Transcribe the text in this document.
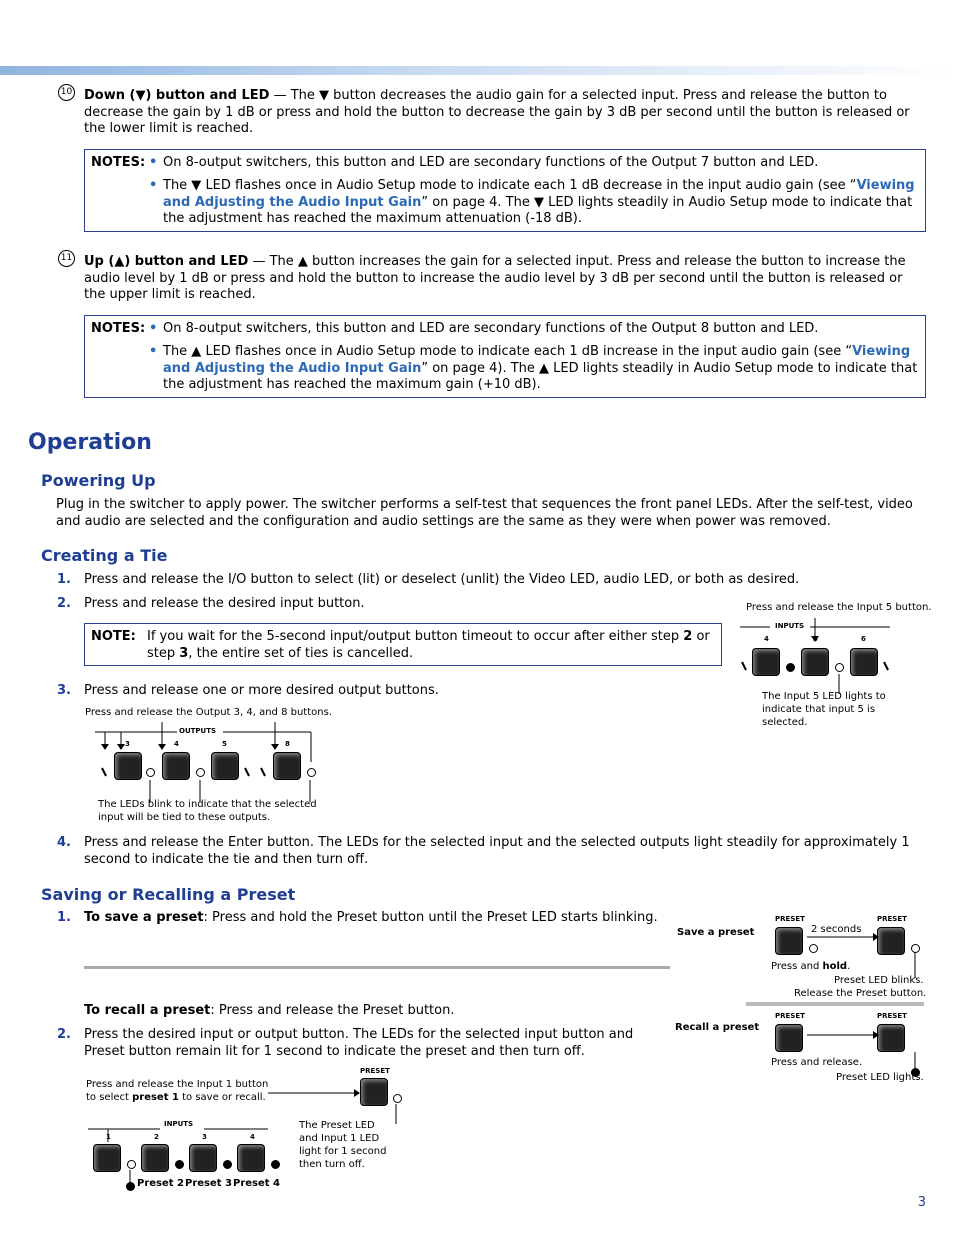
10 Down (▼) button and LED — The ▼ button decreases the audio gain for a selected input. Press and release the button to decrease the gain by 1 dB or press and hold the button to decrease the gain by 3 dB per second until the button is released or the lower limit is reached.
NOTES: • On 8-output switchers, this button and LED are secondary functions of the Output 7 button and LED.
• The ▼ LED flashes once in Audio Setup mode to indicate each 1 dB decrease in the input audio gain (see “Viewing and Adjusting the Audio Input Gain” on page 4. The ▼ LED lights steadily in Audio Setup mode to indicate that the adjustment has reached the maximum attenuation (-18 dB).
11 Up (▲) button and LED — The ▲ button increases the gain for a selected input. Press and release the button to increase the audio level by 1 dB or press and hold the button to increase the audio level by 3 dB per second until the button is released or the upper limit is reached.
NOTES: • On 8-output switchers, this button and LED are secondary functions of the Output 8 button and LED.
• The ▲ LED flashes once in Audio Setup mode to indicate each 1 dB increase in the input audio gain (see “Viewing and Adjusting the Audio Input Gain” on page 4). The ▲ LED lights steadily in Audio Setup mode to indicate that the adjustment has reached the maximum gain (+10 dB).
Operation
Powering Up
Plug in the switcher to apply power. The switcher performs a self-test that sequences the front panel LEDs. After the self-test, video and audio are selected and the configuration and audio settings are the same as they were when power was removed.
Creating a Tie
1. Press and release the I/O button to select (lit) or deselect (unlit) the Video LED, audio LED, or both as desired.
2. Press and release the desired input button.
NOTE: If you wait for the 5-second input/output button timeout to occur after either step 2 or step 3, the entire set of ties is cancelled.
Press and release the Input 5 button.
INPUTS
4	5	6
The Input 5 LED lights to indicate that input 5 is selected.
3. Press and release one or more desired output buttons.
Press and release the Output 3, 4, and 8 buttons.
OUTPUTS
3	4	5	8
The LEDs blink to indicate that the selected input will be tied to these outputs.
4. Press and release the Enter button. The LEDs for the selected input and the selected outputs light steadily for approximately 1 second to indicate the tie and then turn off.
Saving or Recalling a Preset
1. To save a preset: Press and hold the Preset button until the Preset LED starts blinking.
To recall a preset: Press and release the Preset button.
2. Press the desired input or output button. The LEDs for the selected input button and Preset button remain lit for 1 second to indicate the preset and then turn off.
Save a preset
PRESET	PRESET
2 seconds
Press and hold.
Preset LED blinks.
Release the Preset button.
Recall a preset
PRESET	PRESET
Press and release.
Preset LED lights.
Press and release the Input 1 button to select preset 1 to save or recall.
PRESET
INPUTS
1	2	3	4
Preset 2 Preset 3 Preset 4
The Preset LED and Input 1 LED light for 1 second then turn off.
3
